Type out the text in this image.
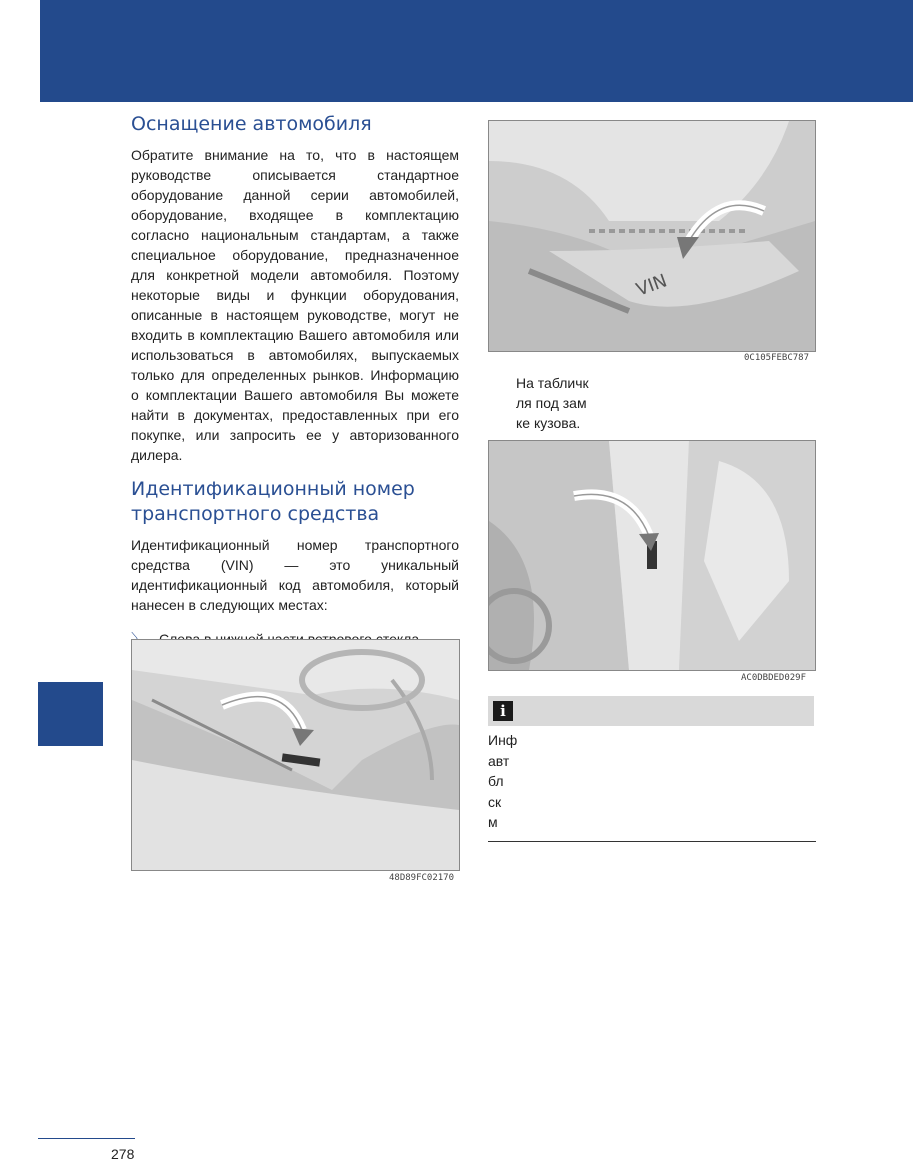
Оснащение автомобиля

Обратите внимание на то, что в настоящем руководстве описывается стандартное оборудование данной серии автомобилей, оборудование, входящее в комплектацию согласно национальным стандартам, а также специальное оборудование, предназначенное для конкретной модели автомобиля. Поэтому некоторые виды и функции оборудования, описанные в настоящем руководстве, могут не входить в комплектацию Вашего автомобиля или использоваться в автомобилях, выпускаемых только для определенных рынков. Информацию о комплектации Вашего автомобиля Вы можете найти в документах, предоставленных при его покупке, или запросить ее у авторизованного дилера.

Идентификационный номер транспортного средства

Идентификационный номер транспортного средства (VIN) — это уникальный идентификационный код автомобиля, который нанесен в следующих местах:

48D89FC02170
VIN
0C105FEBC787
На табличк
ля под зам
ке кузова.
AC0DBDED029F
i
Инф
авт
бл
ск
м
278
